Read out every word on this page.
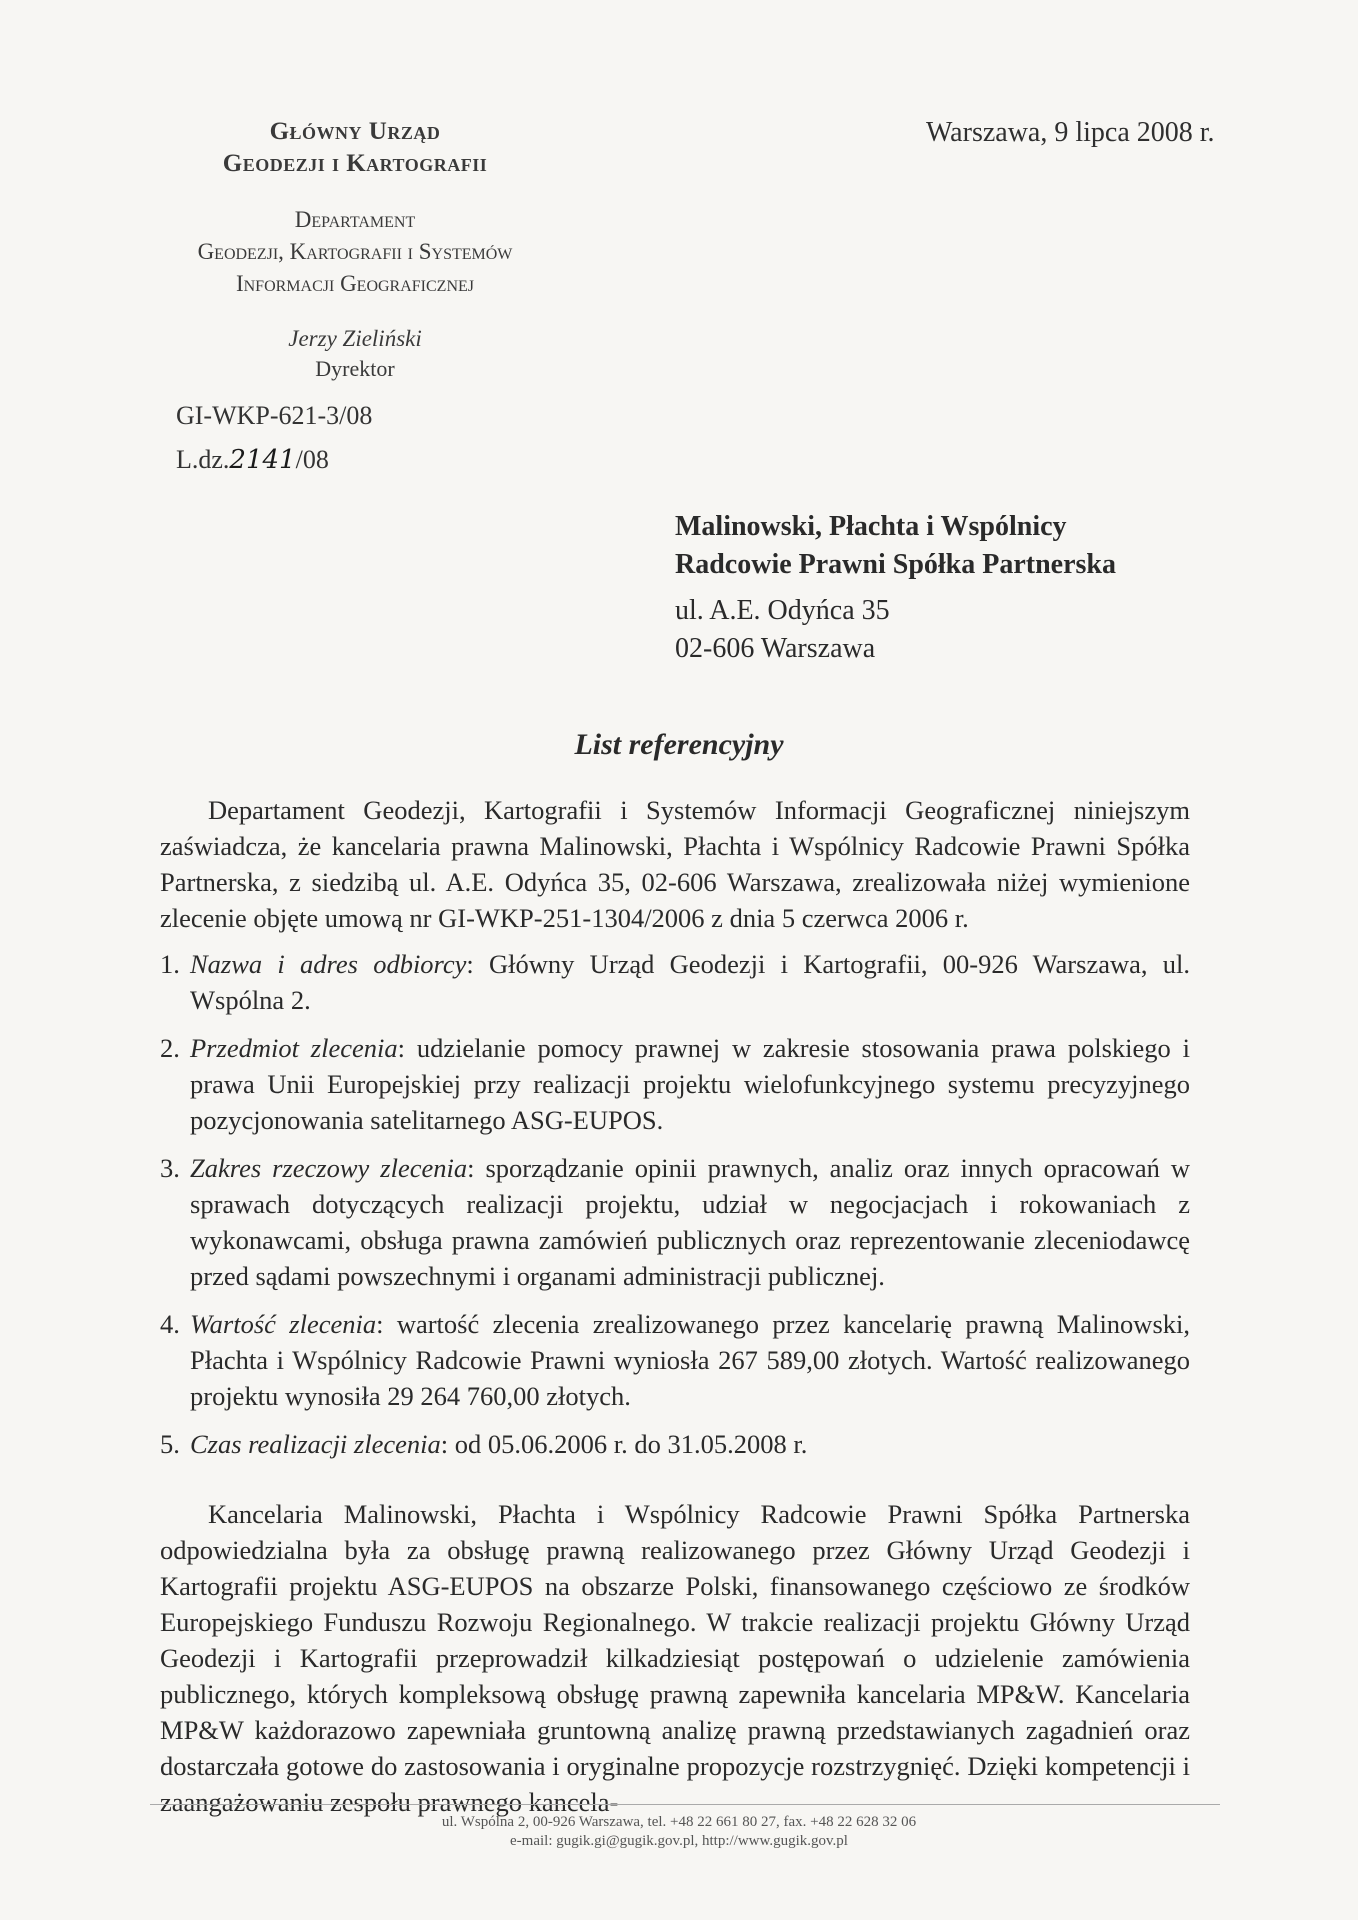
Główny Urząd
Geodezji i Kartografii
Departament
Geodezji, Kartografii i Systemów
Informacji Geograficznej
Jerzy Zieliński
Dyrektor
Warszawa, 9 lipca 2008 r.
GI-WKP-621-3/08
L.dz.2141/08
Malinowski, Płachta i Wspólnicy
Radcowie Prawni Spółka Partnerska
ul. A.E. Odyńca 35
02-606 Warszawa
List referencyjny

Departament Geodezji, Kartografii i Systemów Informacji Geograficznej niniejszym zaświadcza, że kancelaria prawna Malinowski, Płachta i Wspólnicy Radcowie Prawni Spółka Partnerska, z siedzibą ul. A.E. Odyńca 35, 02-606 Warszawa, zrealizowała niżej wymienione zlecenie objęte umową nr GI-WKP-251-1304/2006 z dnia 5 czerwca 2006 r.

1. Nazwa i adres odbiorcy: Główny Urząd Geodezji i Kartografii, 00-926 Warszawa, ul. Wspólna 2.
2. Przedmiot zlecenia: udzielanie pomocy prawnej w zakresie stosowania prawa polskiego i prawa Unii Europejskiej przy realizacji projektu wielofunkcyjnego systemu precyzyjnego pozycjonowania satelitarnego ASG-EUPOS.
3. Zakres rzeczowy zlecenia: sporządzanie opinii prawnych, analiz oraz innych opracowań w sprawach dotyczących realizacji projektu, udział w negocjacjach i rokowaniach z wykonawcami, obsługa prawna zamówień publicznych oraz reprezentowanie zleceniodawcę przed sądami powszechnymi i organami administracji publicznej.
4. Wartość zlecenia: wartość zlecenia zrealizowanego przez kancelarię prawną Malinowski, Płachta i Wspólnicy Radcowie Prawni wyniosła 267 589,00 złotych. Wartość realizowanego projektu wynosiła 29 264 760,00 złotych.
5. Czas realizacji zlecenia: od 05.06.2006 r. do 31.05.2008 r.

Kancelaria Malinowski, Płachta i Wspólnicy Radcowie Prawni Spółka Partnerska odpowiedzialna była za obsługę prawną realizowanego przez Główny Urząd Geodezji i Kartografii projektu ASG-EUPOS na obszarze Polski, finansowanego częściowo ze środków Europejskiego Funduszu Rozwoju Regionalnego. W trakcie realizacji projektu Główny Urząd Geodezji i Kartografii przeprowadził kilkadziesiąt postępowań o udzielenie zamówienia publicznego, których kompleksową obsługę prawną zapewniła kancelaria MP&W. Kancelaria MP&W każdorazowo zapewniała gruntowną analizę prawną przedstawianych zagadnień oraz dostarczała gotowe do zastosowania i oryginalne propozycje rozstrzygnięć. Dzięki kompetencji i zaangażowaniu zespołu prawnego kancela-

ul. Wspólna 2, 00-926 Warszawa, tel. +48 22 661 80 27, fax. +48 22 628 32 06
e-mail: gugik.gi@gugik.gov.pl, http://www.gugik.gov.pl
